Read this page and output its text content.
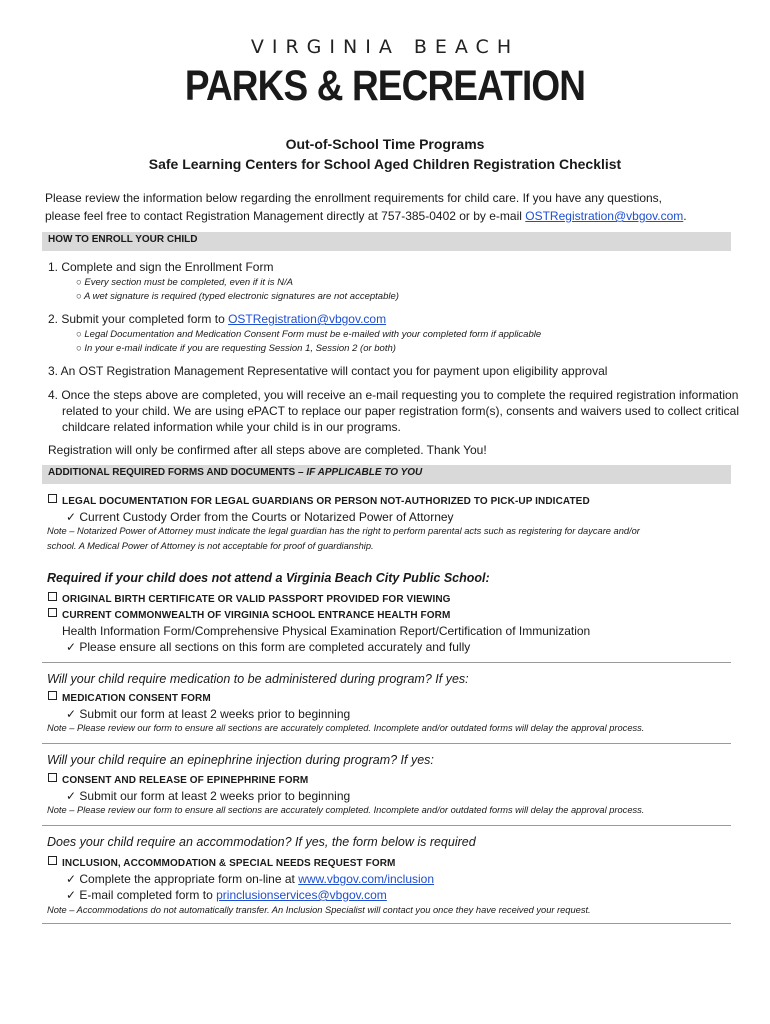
VIRGINIA BEACH
PARKS & RECREATION
Out-of-School Time Programs
Safe Learning Centers for School Aged Children Registration Checklist
Please review the information below regarding the enrollment requirements for child care. If you have any questions,
please feel free to contact Registration Management directly at 757-385-0402 or by e-mail OSTRegistration@vbgov.com.
HOW TO ENROLL YOUR CHILD
1. Complete and sign the Enrollment Form
○ Every section must be completed, even if it is N/A
○ A wet signature is required (typed electronic signatures are not acceptable)
2. Submit your completed form to OSTRegistration@vbgov.com
○ Legal Documentation and Medication Consent Form must be e-mailed with your completed form if applicable
○ In your e-mail indicate if you are requesting Session 1, Session 2 (or both)
3. An OST Registration Management Representative will contact you for payment upon eligibility approval
4. Once the steps above are completed, you will receive an e-mail requesting you to complete the required registration information
related to your child. We are using ePACT to replace our paper registration form(s), consents and waivers used to collect critical
childcare related information while your child is in our programs.
Registration will only be confirmed after all steps above are completed. Thank You!
ADDITIONAL REQUIRED FORMS AND DOCUMENTS – IF APPLICABLE TO YOU
LEGAL DOCUMENTATION FOR LEGAL GUARDIANS OR PERSON NOT-AUTHORIZED TO PICK-UP INDICATED
✓ Current Custody Order from the Courts or Notarized Power of Attorney
Note – Notarized Power of Attorney must indicate the legal guardian has the right to perform parental acts such as registering for daycare and/or
school. A Medical Power of Attorney is not acceptable for proof of guardianship.
Required if your child does not attend a Virginia Beach City Public School:
ORIGINAL BIRTH CERTIFICATE OR VALID PASSPORT PROVIDED FOR VIEWING
CURRENT COMMONWEALTH OF VIRGINIA SCHOOL ENTRANCE HEALTH FORM
Health Information Form/Comprehensive Physical Examination Report/Certification of Immunization
✓ Please ensure all sections on this form are completed accurately and fully
Will your child require medication to be administered during program? If yes:
MEDICATION CONSENT FORM
✓ Submit our form at least 2 weeks prior to beginning
Note – Please review our form to ensure all sections are accurately completed. Incomplete and/or outdated forms will delay the approval process.
Will your child require an epinephrine injection during program? If yes:
CONSENT AND RELEASE OF EPINEPHRINE FORM
✓ Submit our form at least 2 weeks prior to beginning
Note – Please review our form to ensure all sections are accurately completed. Incomplete and/or outdated forms will delay the approval process.
Does your child require an accommodation? If yes, the form below is required
INCLUSION, ACCOMMODATION & SPECIAL NEEDS REQUEST FORM
✓ Complete the appropriate form on-line at www.vbgov.com/inclusion
✓ E-mail completed form to princlusionservices@vbgov.com
Note – Accommodations do not automatically transfer. An Inclusion Specialist will contact you once they have received your request.
